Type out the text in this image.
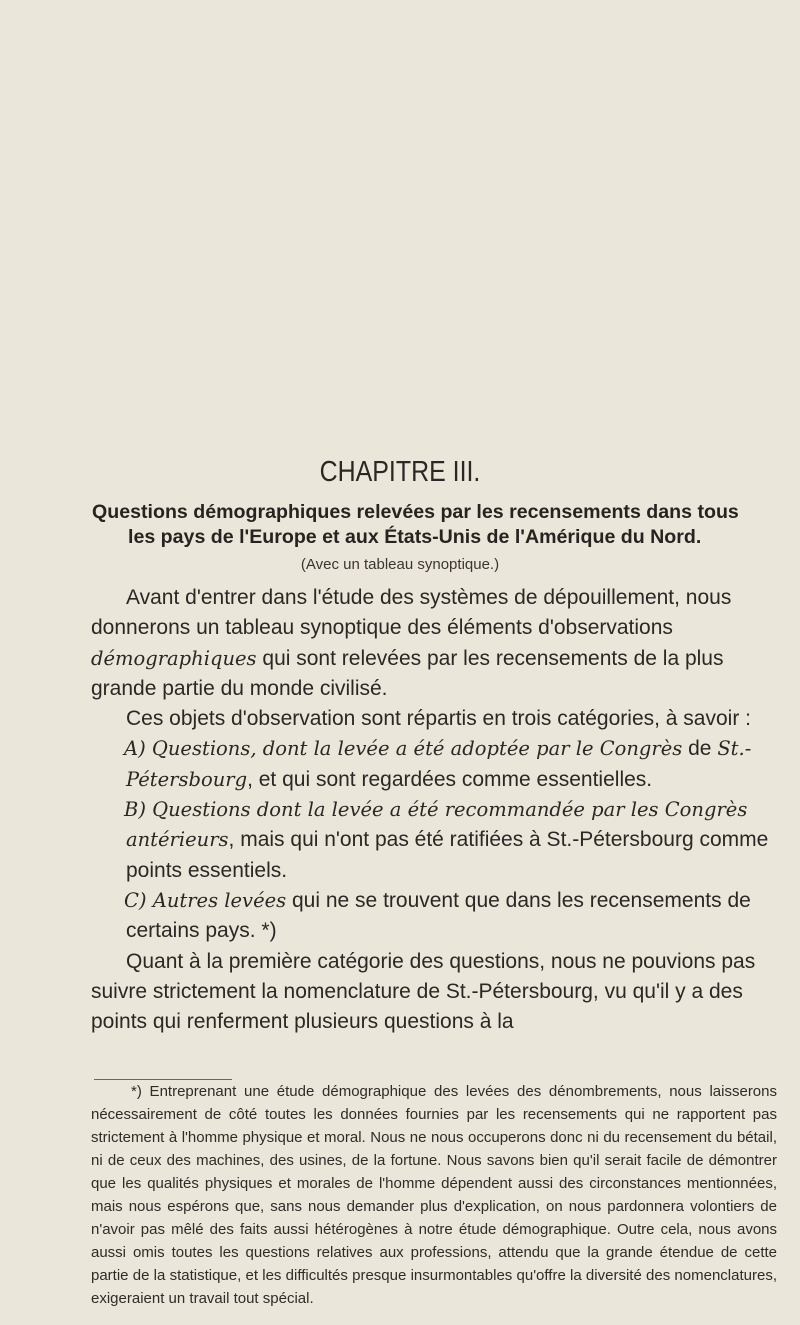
CHAPITRE III.
Questions démographiques relevées par les recensements dans tous
les pays de l'Europe et aux États-Unis de l'Amérique du Nord.
(Avec un tableau synoptique.)

Avant d'entrer dans l'étude des systèmes de dépouillement, nous donnerons un tableau synoptique des éléments d'observations démographiques qui sont relevées par les recensements de la plus grande partie du monde civilisé.

Ces objets d'observation sont répartis en trois catégories, à savoir :

A) Questions, dont la levée a été adoptée par le Congrès de St.-Pétersbourg, et qui sont regardées comme essentielles.

B) Questions dont la levée a été recommandée par les Congrès antérieurs, mais qui n'ont pas été ratifiées à St.-Pétersbourg comme points essentiels.

C) Autres levées qui ne se trouvent que dans les recensements de certains pays. *)

Quant à la première catégorie des questions, nous ne pouvions pas suivre strictement la nomenclature de St.-Pétersbourg, vu qu'il y a des points qui renferment plusieurs questions à la

*) Entreprenant une étude démographique des levées des dénombrements, nous laisserons nécessairement de côté toutes les données fournies par les recensements qui ne rapportent pas strictement à l'homme physique et moral. Nous ne nous occuperons donc ni du recensement du bétail, ni de ceux des machines, des usines, de la fortune. Nous savons bien qu'il serait facile de démontrer que les qualités physiques et morales de l'homme dépendent aussi des circonstances mentionnées, mais nous espérons que, sans nous demander plus d'explication, on nous pardonnera volontiers de n'avoir pas mêlé des faits aussi hétérogènes à notre étude démographique. Outre cela, nous avons aussi omis toutes les questions relatives aux professions, attendu que la grande étendue de cette partie de la statistique, et les difficultés presque insurmontables qu'offre la diversité des nomenclatures, exigeraient un travail tout spécial.
